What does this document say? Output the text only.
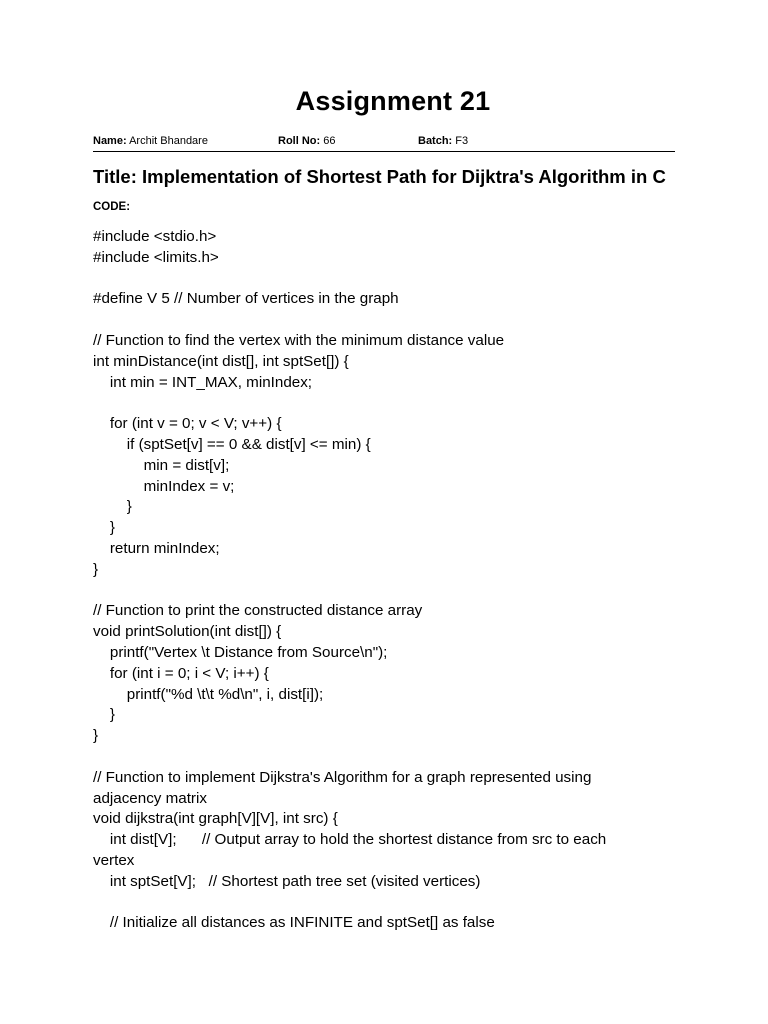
Assignment 21
Name: Archit Bhandare	Roll No: 66	Batch: F3
Title: Implementation of Shortest Path for Dijktra's Algorithm in C
CODE:
#include <stdio.h>
#include <limits.h>
#define V 5 // Number of vertices in the graph
// Function to find the vertex with the minimum distance value
int minDistance(int dist[], int sptSet[]) {
int min = INT_MAX, minIndex;
for (int v = 0; v < V; v++) {
if (sptSet[v] == 0 && dist[v] <= min) {
min = dist[v];
minIndex = v;
}
}
return minIndex;
}
// Function to print the constructed distance array
void printSolution(int dist[]) {
printf("Vertex \t Distance from Source\n");
for (int i = 0; i < V; i++) {
printf("%d \t\t %d\n", i, dist[i]);
}
}
// Function to implement Dijkstra's Algorithm for a graph represented using
adjacency matrix
void dijkstra(int graph[V][V], int src) {
int dist[V];      // Output array to hold the shortest distance from src to each
vertex
int sptSet[V];   // Shortest path tree set (visited vertices)
// Initialize all distances as INFINITE and sptSet[] as false
